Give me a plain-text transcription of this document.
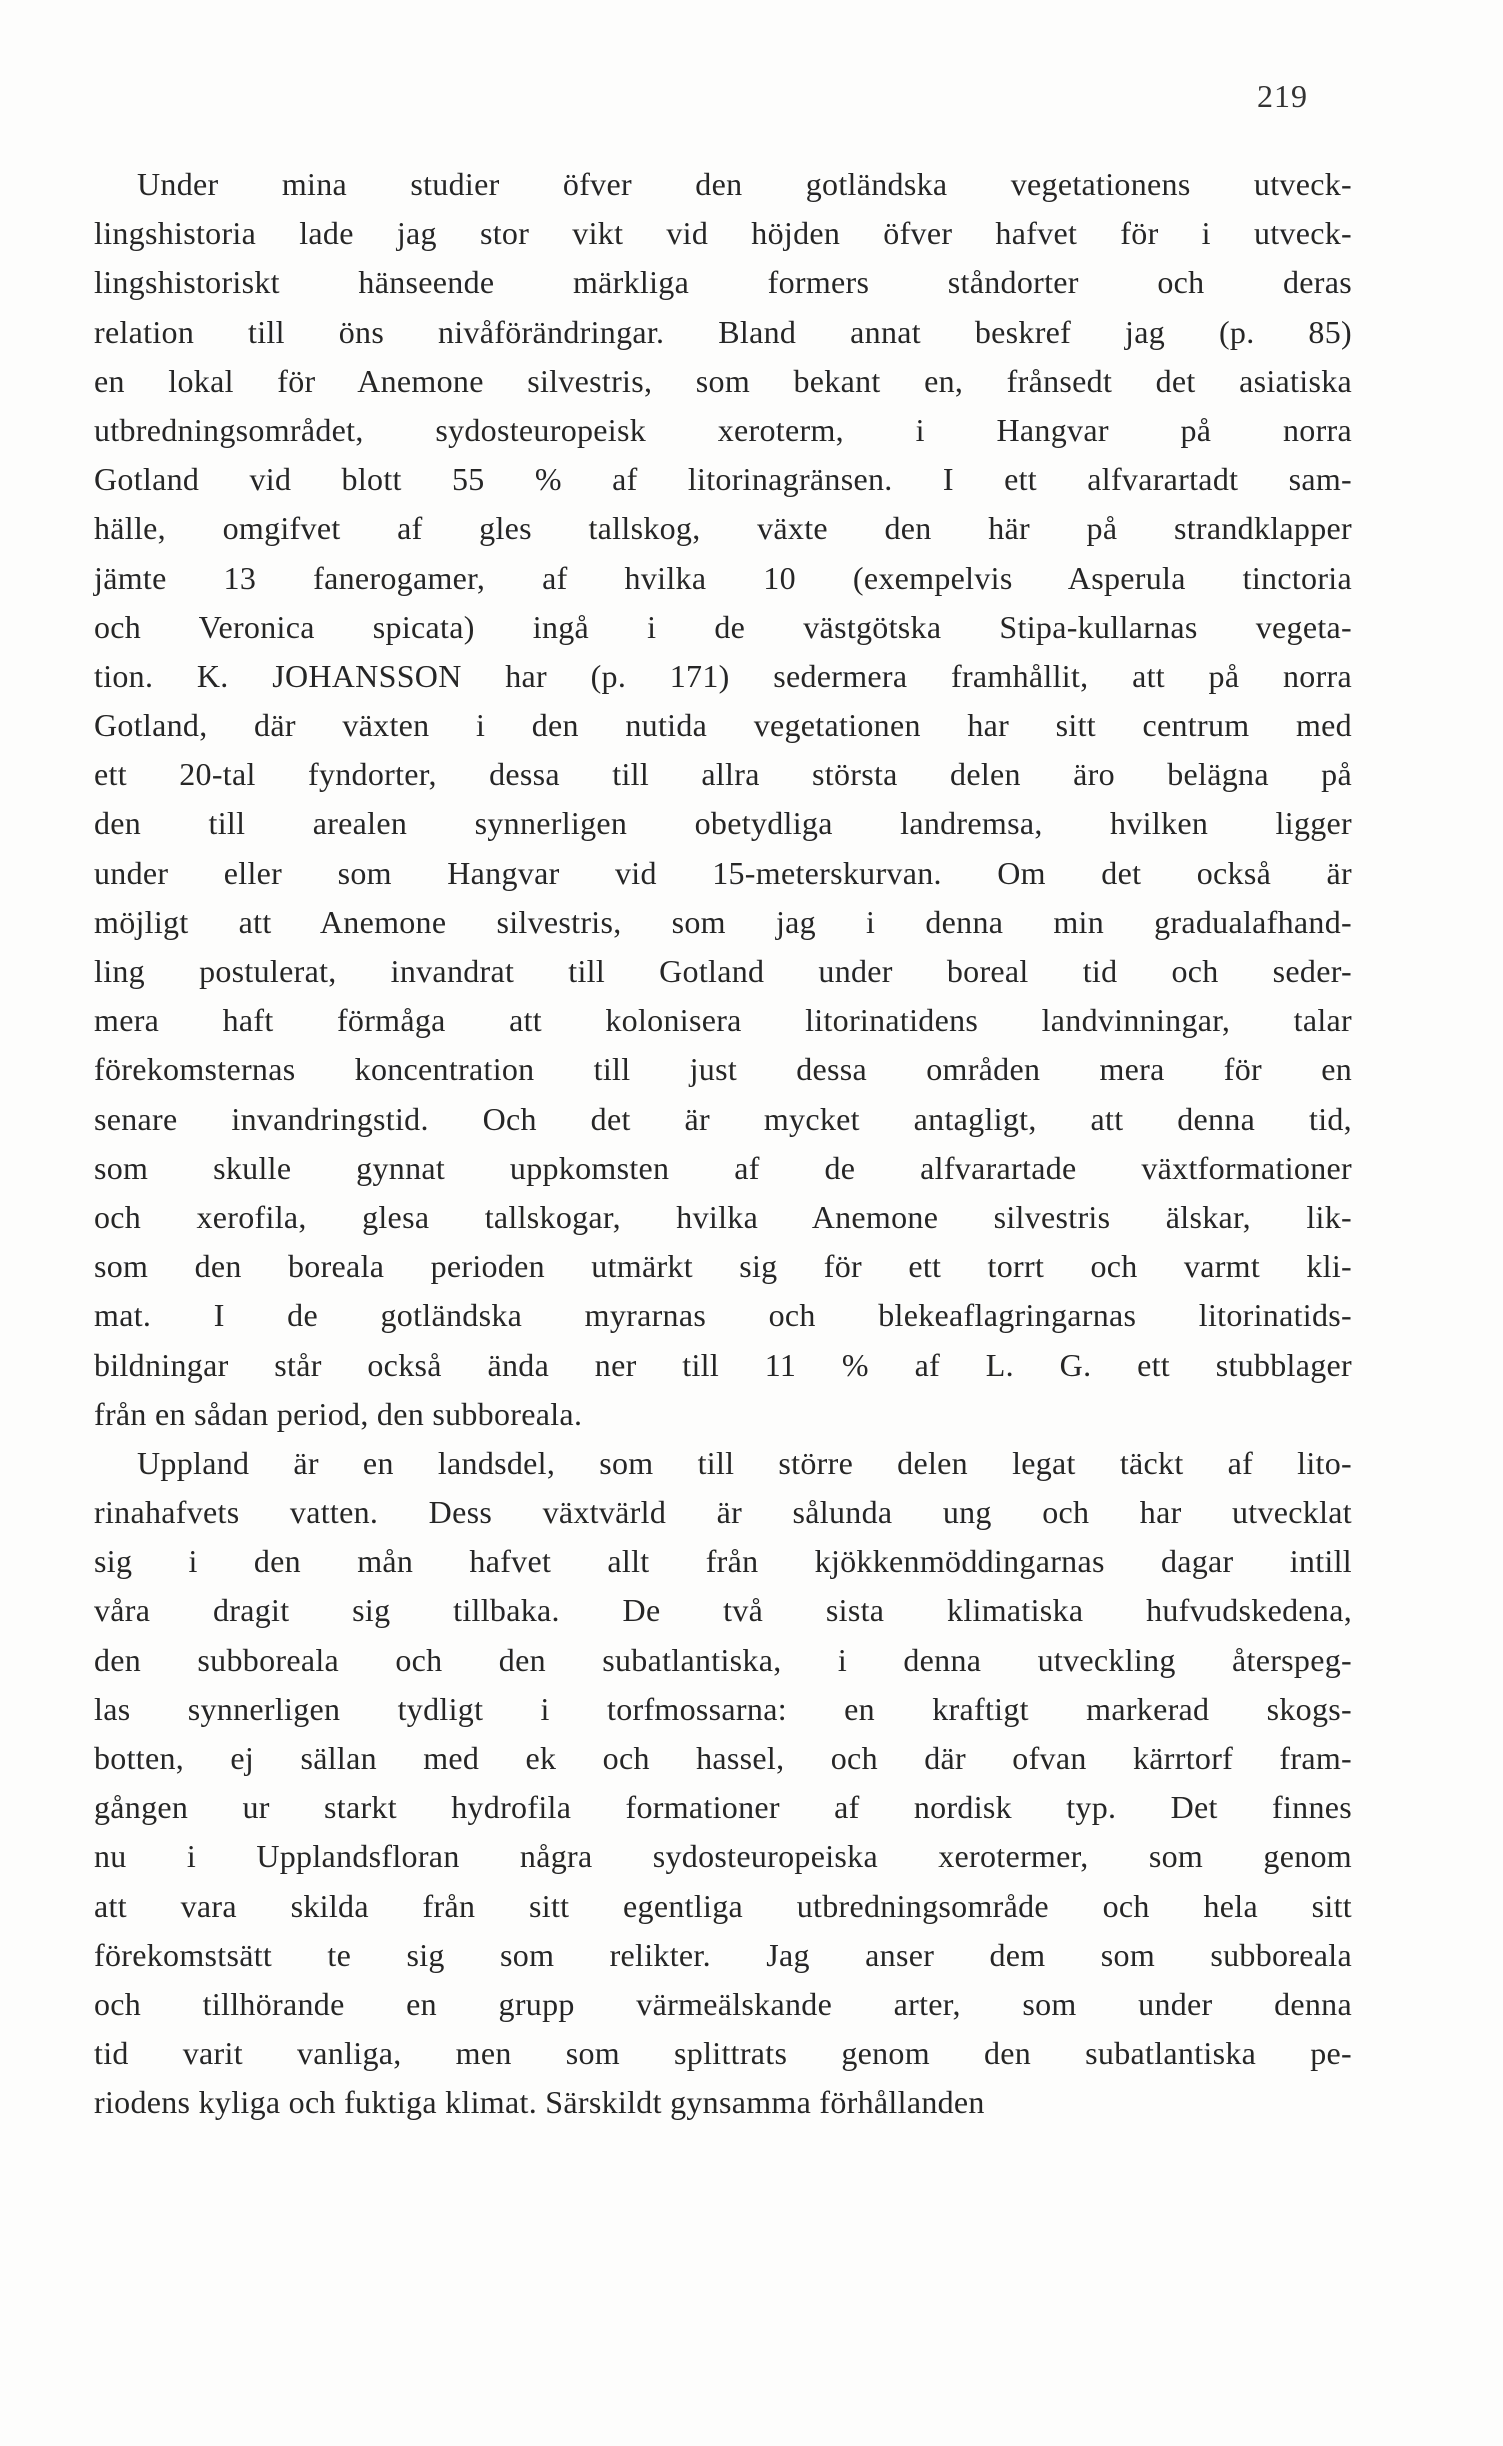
219
Under mina studier öfver den gotländska vegetationens utveck-
lingshistoria lade jag stor vikt vid höjden öfver hafvet för i utveck-
lingshistoriskt hänseende märkliga formers ståndorter och deras
relation till öns nivåförändringar. Bland annat beskref jag (p. 85)
en lokal för Anemone silvestris, som bekant en, frånsedt det asiatiska
utbredningsområdet, sydosteuropeisk xeroterm, i Hangvar på norra
Gotland vid blott 55 % af litorinagränsen. I ett alfvarartadt sam-
hälle, omgifvet af gles tallskog, växte den här på strandklapper
jämte 13 fanerogamer, af hvilka 10 (exempelvis Asperula tinctoria
och Veronica spicata) ingå i de västgötska Stipa-kullarnas vegeta-
tion. K. JOHANSSON har (p. 171) sedermera framhållit, att på norra
Gotland, där växten i den nutida vegetationen har sitt centrum med
ett 20-tal fyndorter, dessa till allra största delen äro belägna på
den till arealen synnerligen obetydliga landremsa, hvilken ligger
under eller som Hangvar vid 15-meterskurvan. Om det också är
möjligt att Anemone silvestris, som jag i denna min gradualafhand-
ling postulerat, invandrat till Gotland under boreal tid och seder-
mera haft förmåga att kolonisera litorinatidens landvinningar, talar
förekomsternas koncentration till just dessa områden mera för en
senare invandringstid. Och det är mycket antagligt, att denna tid,
som skulle gynnat uppkomsten af de alfvarartade växtformationer
och xerofila, glesa tallskogar, hvilka Anemone silvestris älskar, lik-
som den boreala perioden utmärkt sig för ett torrt och varmt kli-
mat. I de gotländska myrarnas och blekeaflagringarnas litorinatids-
bildningar står också ända ner till 11 % af L. G. ett stubblager
från en sådan period, den subboreala.
Uppland är en landsdel, som till större delen legat täckt af lito-
rinahafvets vatten. Dess växtvärld är sålunda ung och har utvecklat
sig i den mån hafvet allt från kjökkenmöddingarnas dagar intill
våra dragit sig tillbaka. De två sista klimatiska hufvudskedena,
den subboreala och den subatlantiska, i denna utveckling återspeg-
las synnerligen tydligt i torfmossarna: en kraftigt markerad skogs-
botten, ej sällan med ek och hassel, och där ofvan kärrtorf fram-
gången ur starkt hydrofila formationer af nordisk typ. Det finnes
nu i Upplandsfloran några sydosteuropeiska xerotermer, som genom
att vara skilda från sitt egentliga utbredningsområde och hela sitt
förekomstsätt te sig som relikter. Jag anser dem som subboreala
och tillhörande en grupp värmeälskande arter, som under denna
tid varit vanliga, men som splittrats genom den subatlantiska pe-
riodens kyliga och fuktiga klimat. Särskildt gynsamma förhållanden
